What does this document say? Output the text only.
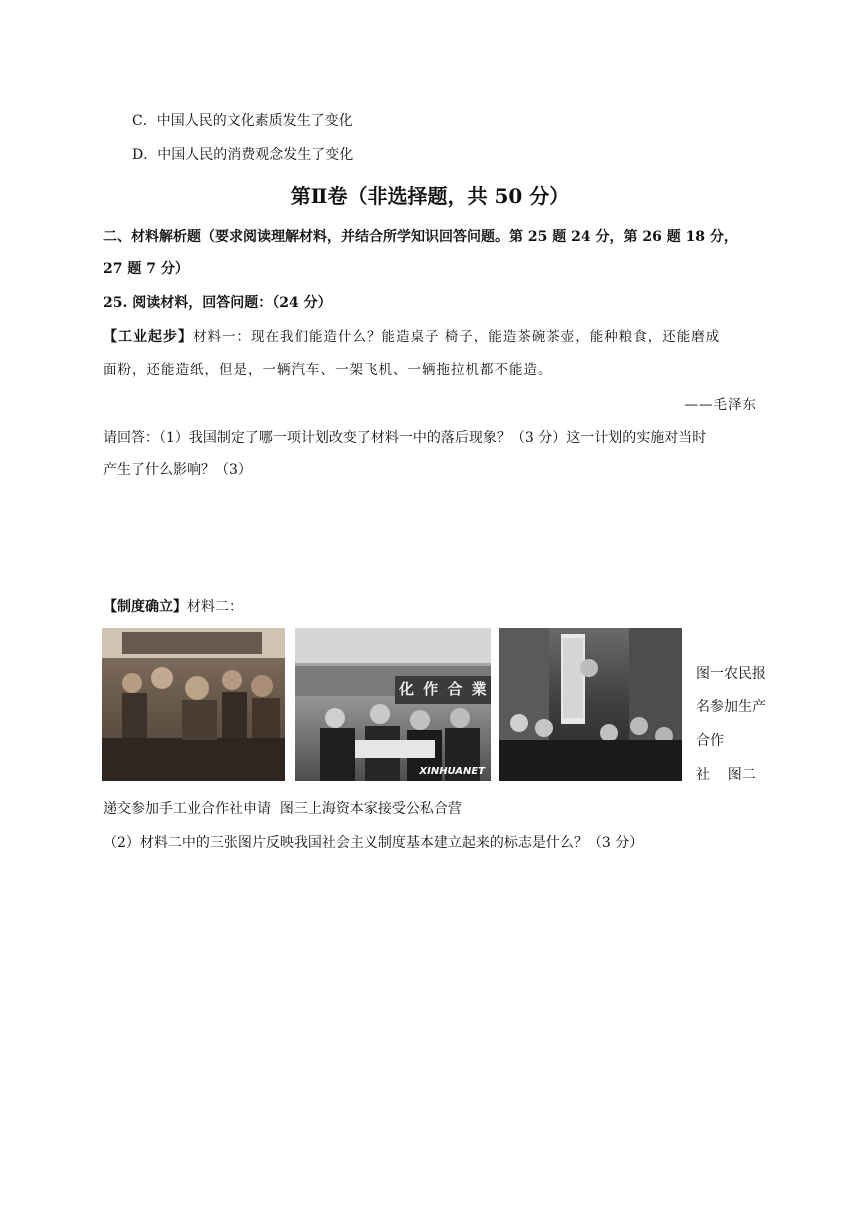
C．中国人民的文化素质发生了变化
D．中国人民的消费观念发生了变化
第Ⅱ卷（非选择题，共 50 分）
二、材料解析题（要求阅读理解材料，并结合所学知识回答问题。第 25 题 24 分，第 26 题 18 分，
27 题 7 分）
25. 阅读材料，回答问题：（24 分）
【工业起步】材料一：现在我们能造什么？能造桌子 椅子，能造茶碗茶壶，能种粮食，还能磨成
面粉，还能造纸，但是，一辆汽车、一架飞机、一辆拖拉机都不能造。
——毛泽东
请回答：（1）我国制定了哪一项计划改变了材料一中的落后现象？（3 分）这一计划的实施对当时
产生了什么影响？（3）
【制度确立】材料二：
化 作 合 業
XINHUANET
图一农民报
名参加生产
合作
社    图二
递交参加手工业合作社申请  图三上海资本家接受公私合营
（2）材料二中的三张图片反映我国社会主义制度基本建立起来的标志是什么？（3 分）
